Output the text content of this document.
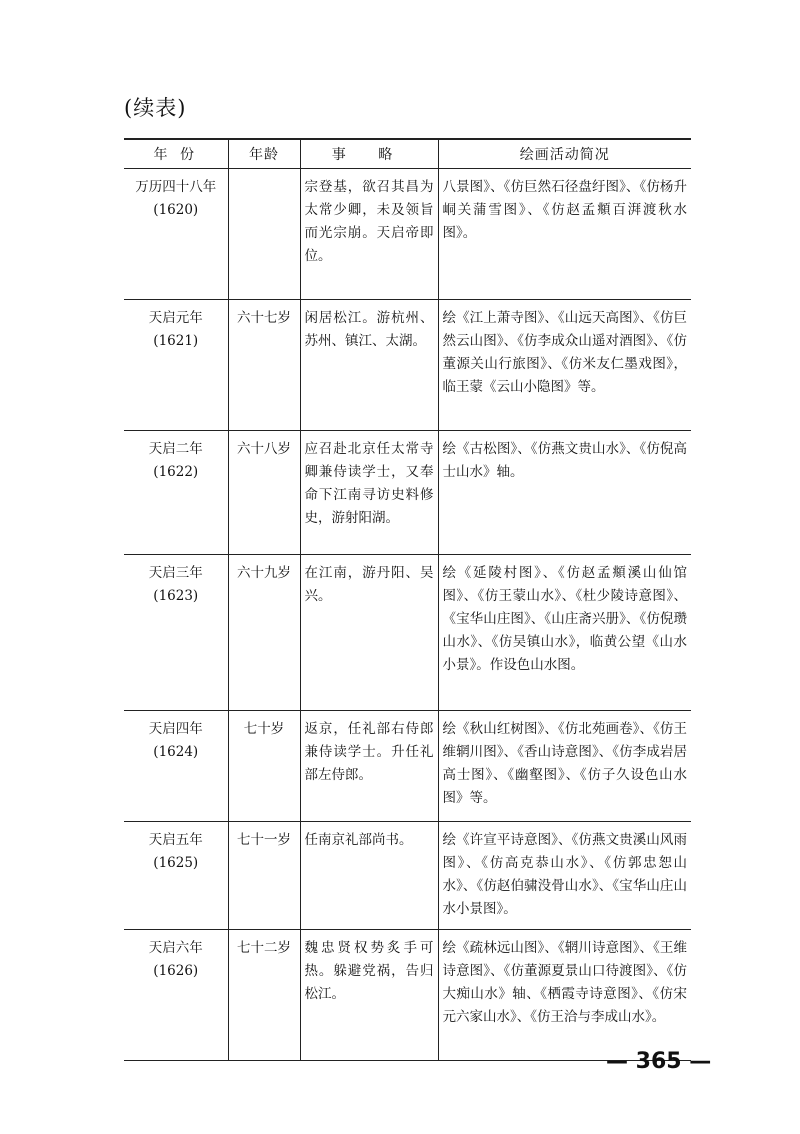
(续表)
年 份	年龄	事 略	绘画活动简况

万历四十八年
(1620)		宗登基，欲召其昌为太常少卿，未及领旨而光宗崩。天启帝即位。	八景图》、《仿巨然石径盘纡图》、《仿杨升峒关蒲雪图》、《仿赵孟頫百湃渡秋水图》。

天启元年
(1621)	六十七岁	闲居松江。游杭州、苏州、镇江、太湖。	绘《江上萧寺图》、《山远天高图》、《仿巨然云山图》、《仿李成众山遥对酒图》、《仿董源关山行旅图》、《仿米友仁墨戏图》，临王蒙《云山小隐图》等。

天启二年
(1622)	六十八岁	应召赴北京任太常寺卿兼侍读学士，又奉命下江南寻访史料修史，游射阳湖。	绘《古松图》、《仿燕文贵山水》、《仿倪高士山水》轴。

天启三年
(1623)	六十九岁	在江南，游丹阳、吴兴。	绘《延陵村图》、《仿赵孟頫溪山仙馆图》、《仿王蒙山水》、《杜少陵诗意图》、《宝华山庄图》、《山庄斋兴册》、《仿倪瓒山水》、《仿吴镇山水》，临黄公望《山水小景》。作设色山水图。

天启四年
(1624)	七十岁	返京，任礼部右侍郎兼侍读学士。升任礼部左侍郎。	绘《秋山红树图》、《仿北苑画卷》、《仿王维辋川图》、《香山诗意图》、《仿李成岩居高士图》、《幽壑图》、《仿子久设色山水图》等。

天启五年
(1625)	七十一岁	任南京礼部尚书。	绘《许宣平诗意图》、《仿燕文贵溪山风雨图》、《仿高克恭山水》、《仿郭忠恕山水》、《仿赵伯骕没骨山水》、《宝华山庄山水小景图》。

天启六年
(1626)	七十二岁	魏忠贤权势炙手可热。躲避党祸，告归松江。	绘《疏林远山图》、《辋川诗意图》、《王维诗意图》、《仿董源夏景山口待渡图》、《仿大痴山水》轴、《栖霞寺诗意图》、《仿宋元六家山水》、《仿王洽与李成山水》。
— 365 —
